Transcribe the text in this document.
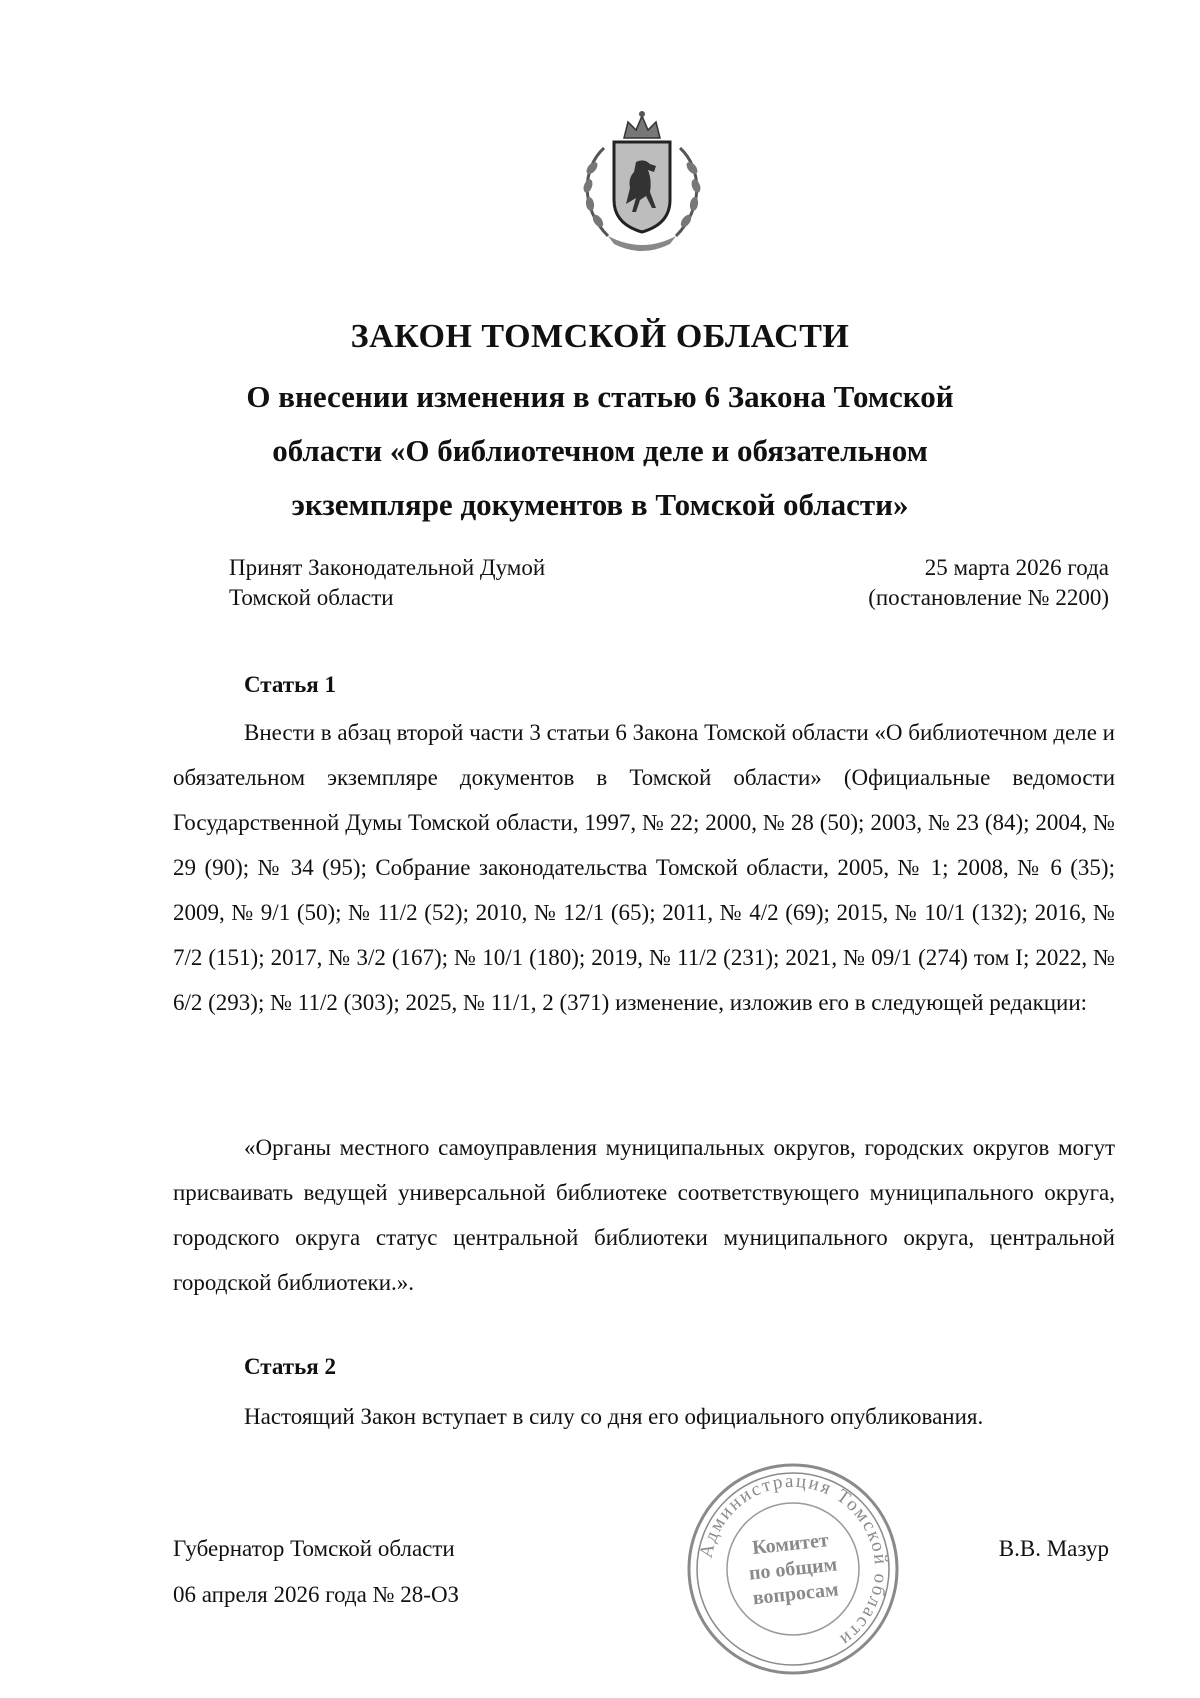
ЗАКОН ТОМСКОЙ ОБЛАСТИ
О внесении изменения в статью 6 Закона Томской
области «О библиотечном деле и обязательном
экземпляре документов в Томской области»
Принят Законодательной Думой
Томской области
25 марта 2026 года
(постановление № 2200)
Статья 1

Внести в абзац второй части 3 статьи 6 Закона Томской области «О библиотечном деле и обязательном экземпляре документов в Томской области» (Официальные ведомости Государственной Думы Томской области, 1997, № 22; 2000, № 28 (50); 2003, № 23 (84); 2004, № 29 (90); № 34 (95); Собрание законодательства Томской области, 2005, № 1; 2008, № 6 (35); 2009, № 9/1 (50); № 11/2 (52); 2010, № 12/1 (65); 2011, № 4/2 (69); 2015, № 10/1 (132); 2016, № 7/2 (151); 2017, № 3/2 (167); № 10/1 (180); 2019, № 11/2 (231); 2021, № 09/1 (274) том I; 2022, № 6/2 (293); № 11/2 (303); 2025, № 11/1, 2 (371) изменение, изложив его в следующей редакции:

«Органы местного самоуправления муниципальных округов, городских округов могут присваивать ведущей универсальной библиотеке соответствующего муниципального округа, городского округа статус центральной библиотеки муниципального округа, центральной городской библиотеки.».

Статья 2

Настоящий Закон вступает в силу со дня его официального опубликования.

Губернатор Томской области
06 апреля 2026 года № 28-ОЗ
В.В. Мазур
Администрация Томской области
Комитет
по общим
вопросам
